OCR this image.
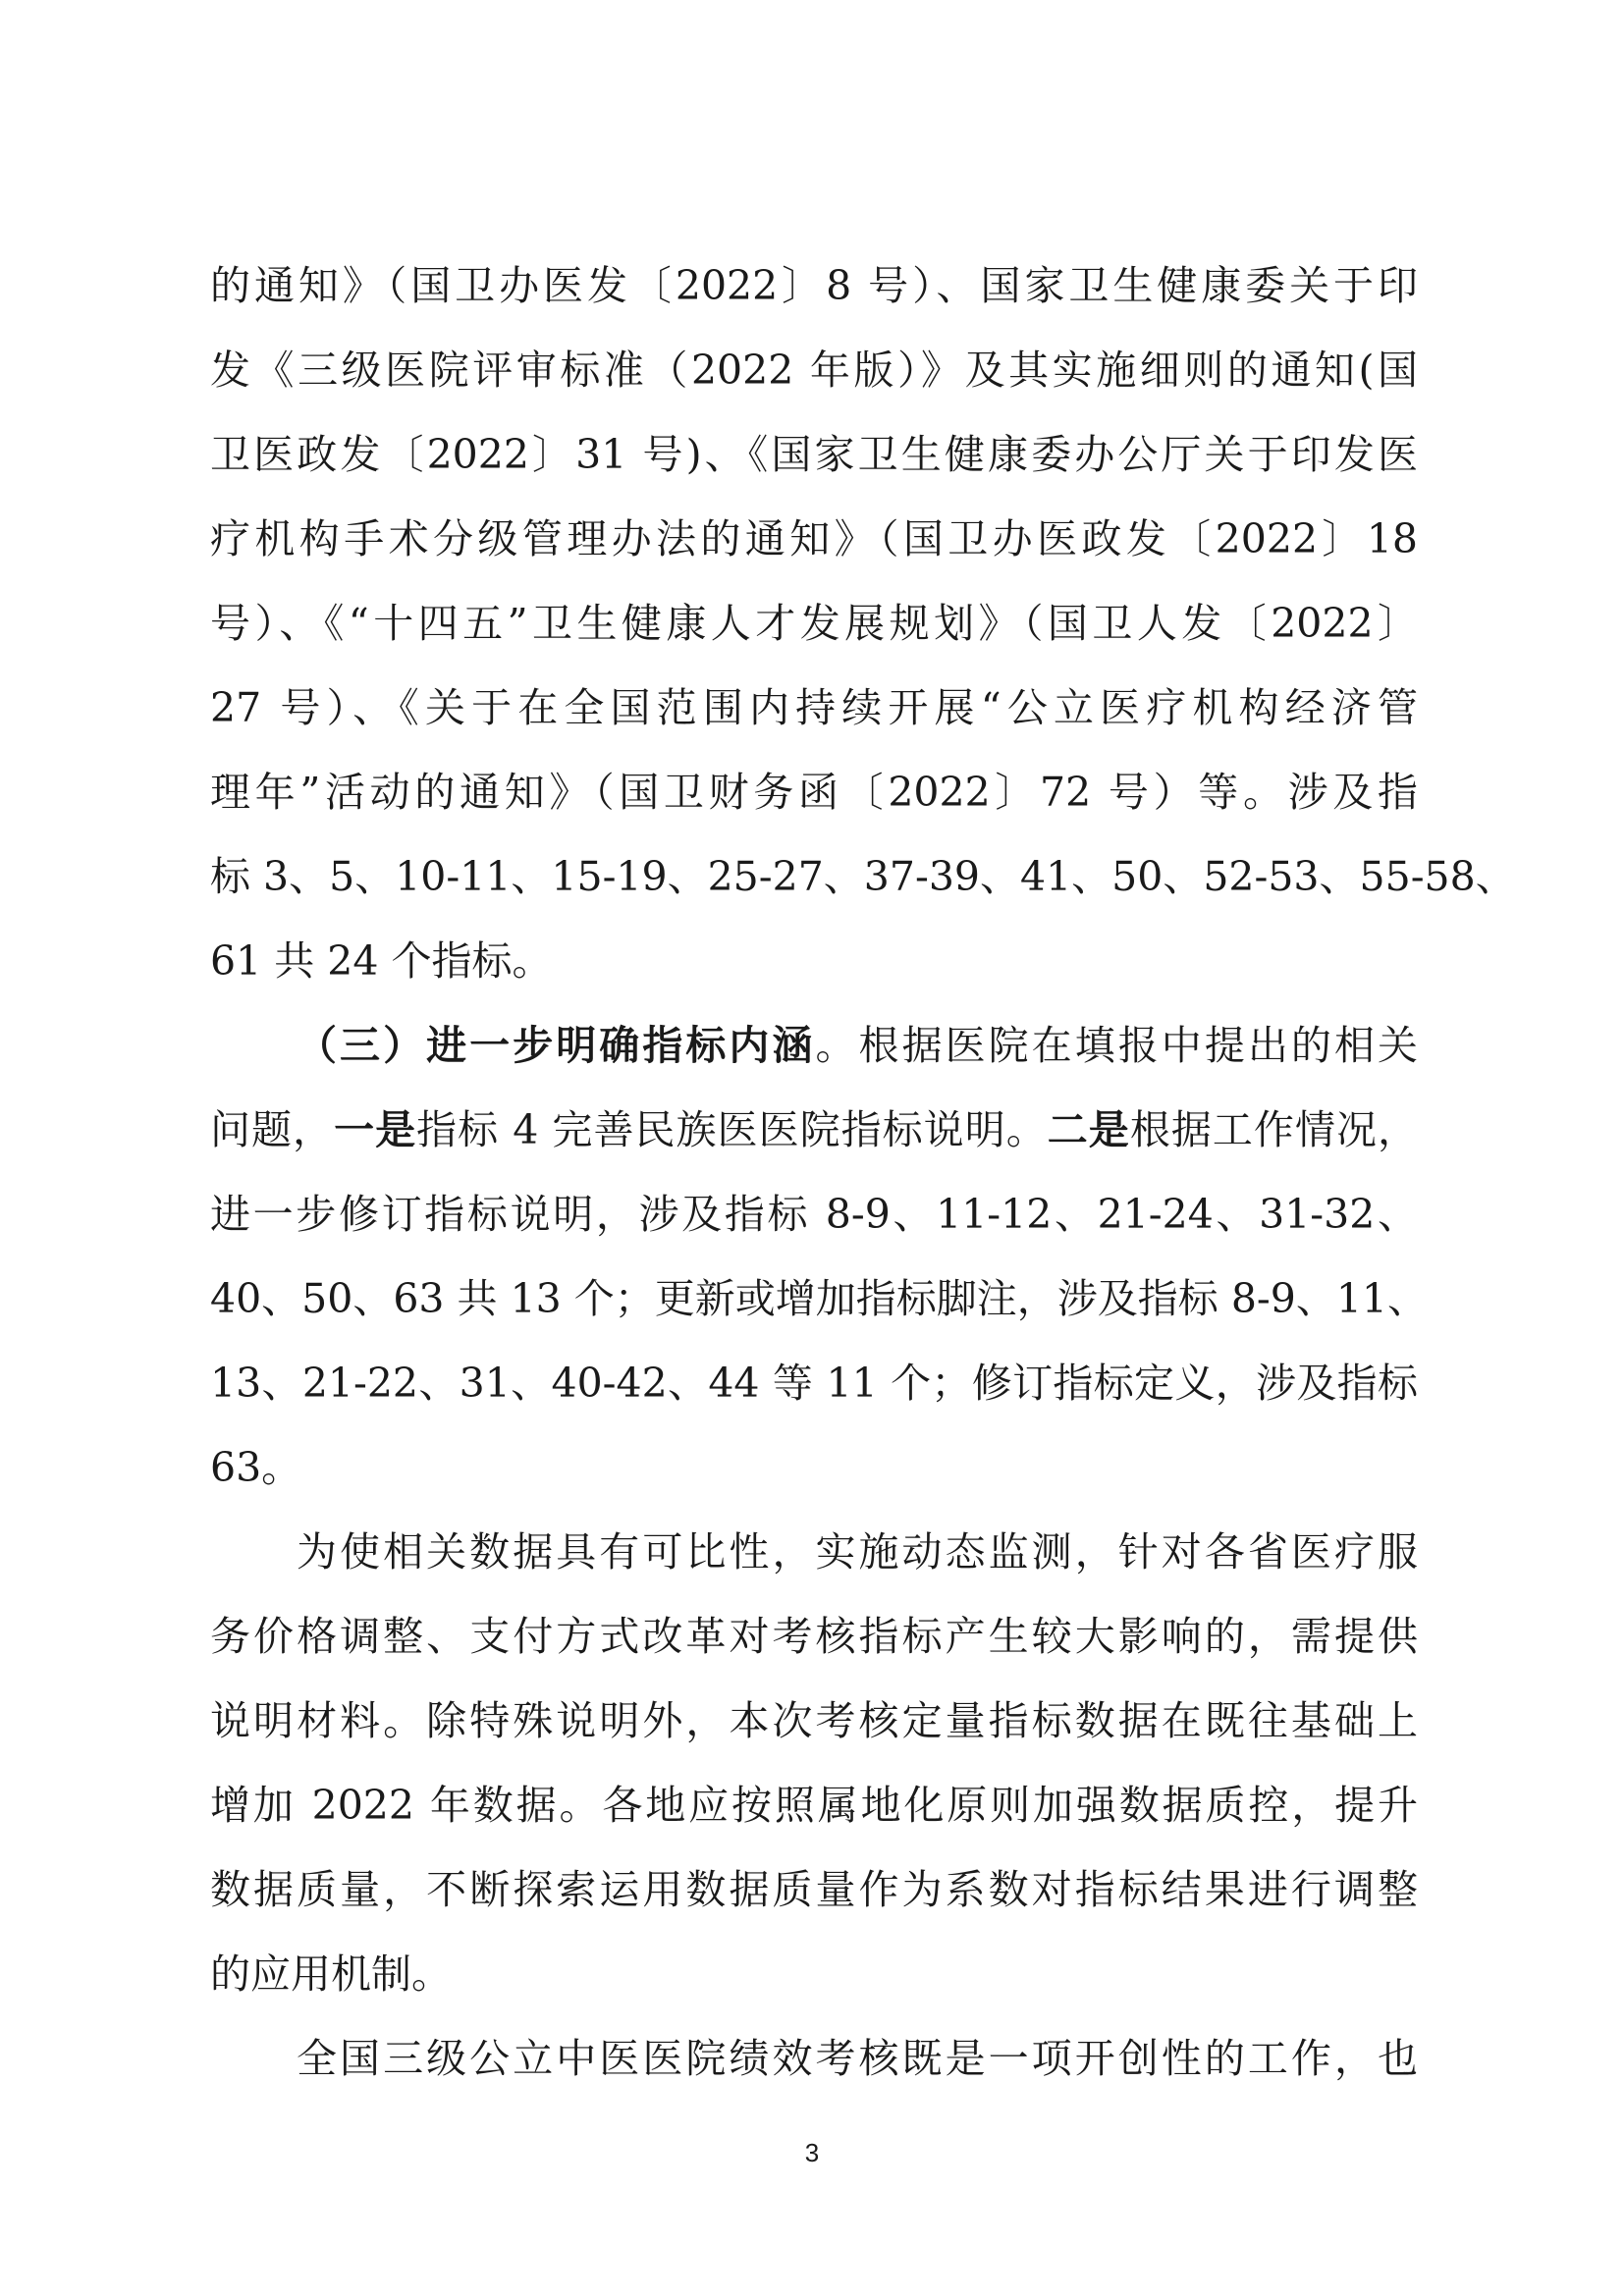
的通知》（国卫办医发〔2022〕8 号）、国家卫生健康委关于印
发《三级医院评审标准（2022 年版）》及其实施细则的通知(国
卫医政发〔2022〕31 号)、《国家卫生健康委办公厅关于印发医
疗机构手术分级管理办法的通知》（国卫办医政发〔2022〕18
号）、《“十四五”卫生健康人才发展规划》（国卫人发〔2022〕
27 号）、《关于在全国范围内持续开展“公立医疗机构经济管
理年”活动的通知》（国卫财务函〔2022〕72 号）等。涉及指
标 3、5、10-11、15-19、25-27、37-39、41、50、52-53、55-58、
61 共 24 个指标。
（三）进一步明确指标内涵。根据医院在填报中提出的相关
问题，一是指标 4 完善民族医医院指标说明。二是根据工作情况，
进一步修订指标说明，涉及指标 8-9、11-12、21-24、31-32、
40、50、63 共 13 个；更新或增加指标脚注，涉及指标 8-9、11、
13、21-22、31、40-42、44 等 11 个；修订指标定义，涉及指标
63。
为使相关数据具有可比性，实施动态监测，针对各省医疗服
务价格调整、支付方式改革对考核指标产生较大影响的，需提供
说明材料。除特殊说明外，本次考核定量指标数据在既往基础上
增加 2022 年数据。各地应按照属地化原则加强数据质控，提升
数据质量，不断探索运用数据质量作为系数对指标结果进行调整
的应用机制。
全国三级公立中医医院绩效考核既是一项开创性的工作，也
3
